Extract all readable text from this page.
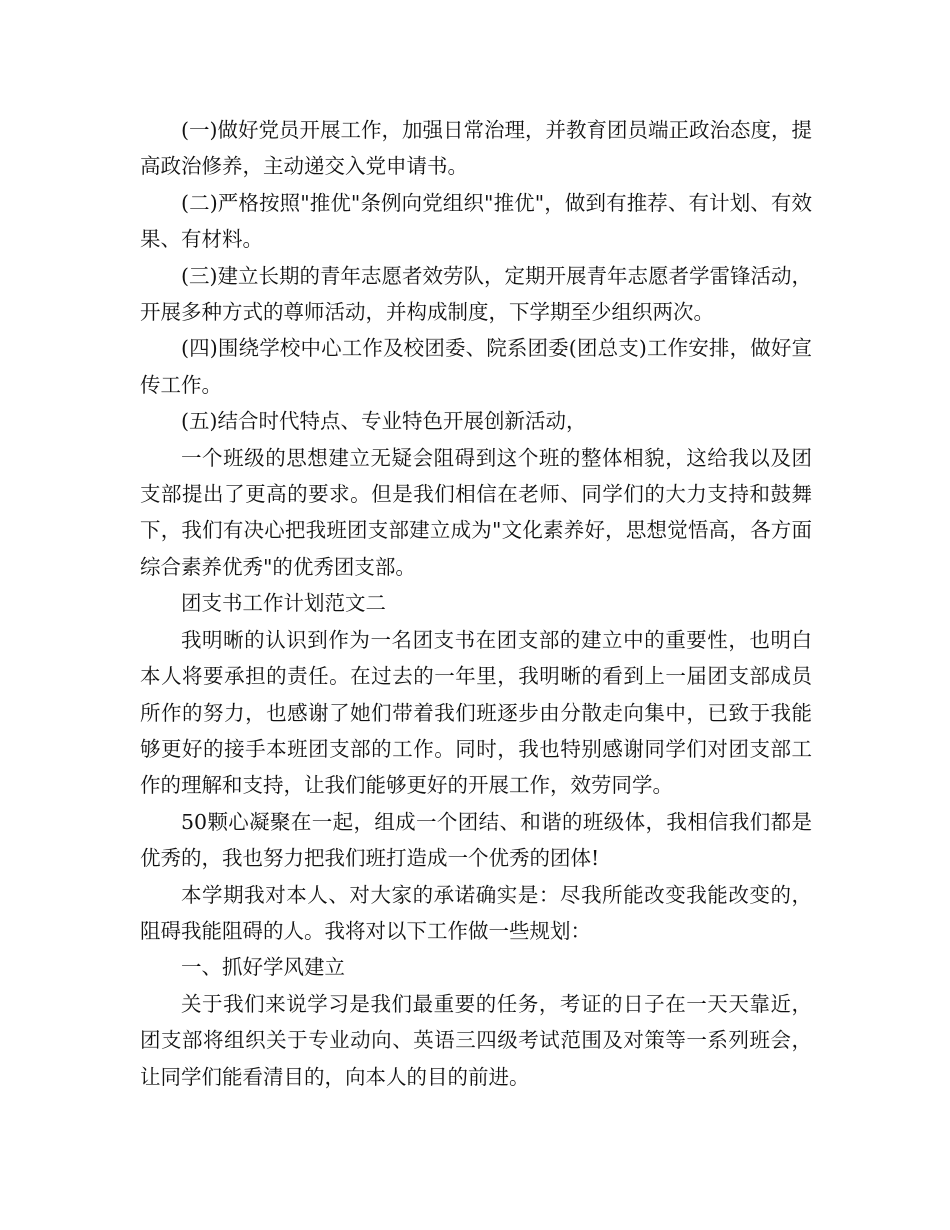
(一)做好党员开展工作，加强日常治理，并教育团员端正政治态度，提高政治修养，主动递交入党申请书。

(二)严格按照"推优"条例向党组织"推优"，做到有推荐、有计划、有效果、有材料。

(三)建立长期的青年志愿者效劳队，定期开展青年志愿者学雷锋活动，开展多种方式的尊师活动，并构成制度，下学期至少组织两次。

(四)围绕学校中心工作及校团委、院系团委(团总支)工作安排，做好宣传工作。

(五)结合时代特点、专业特色开展创新活动，

一个班级的思想建立无疑会阻碍到这个班的整体相貌，这给我以及团支部提出了更高的要求。但是我们相信在老师、同学们的大力支持和鼓舞下，我们有决心把我班团支部建立成为"文化素养好，思想觉悟高，各方面综合素养优秀"的优秀团支部。

团支书工作计划范文二

我明晰的认识到作为一名团支书在团支部的建立中的重要性，也明白本人将要承担的责任。在过去的一年里，我明晰的看到上一届团支部成员所作的努力，也感谢了她们带着我们班逐步由分散走向集中，已致于我能够更好的接手本班团支部的工作。同时，我也特别感谢同学们对团支部工作的理解和支持，让我们能够更好的开展工作，效劳同学。

50颗心凝聚在一起，组成一个团结、和谐的班级体，我相信我们都是优秀的，我也努力把我们班打造成一个优秀的团体!

本学期我对本人、对大家的承诺确实是：尽我所能改变我能改变的，阻碍我能阻碍的人。我将对以下工作做一些规划：

一、抓好学风建立

关于我们来说学习是我们最重要的任务，考证的日子在一天天靠近，团支部将组织关于专业动向、英语三四级考试范围及对策等一系列班会，让同学们能看清目的，向本人的目的前进。
